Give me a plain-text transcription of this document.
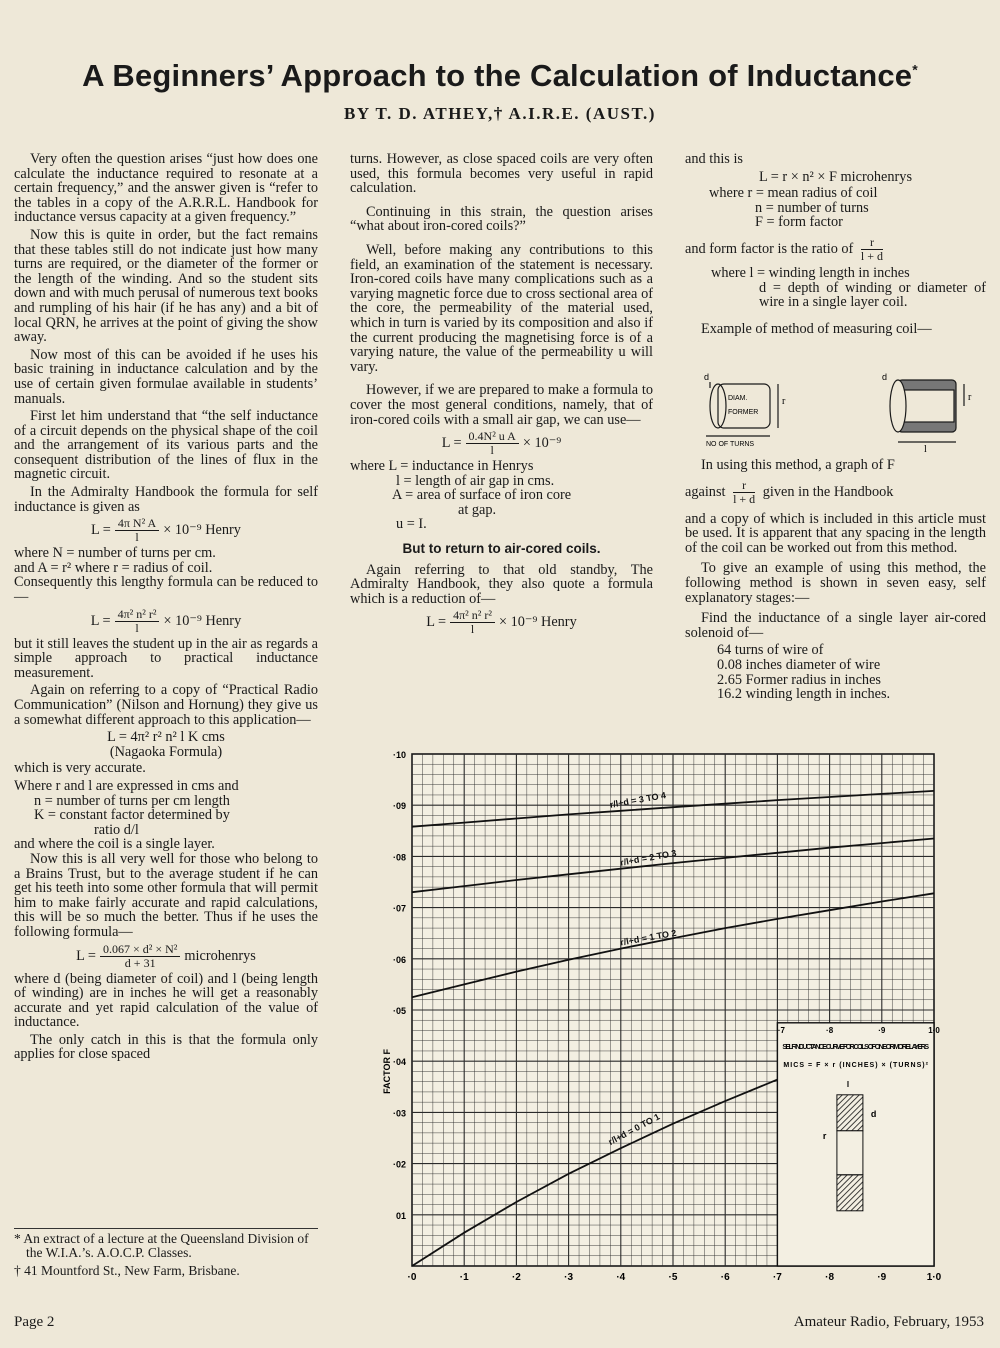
A Beginners’ Approach to the Calculation of Inductance*
BY T. D. ATHEY,† A.I.R.E. (AUST.)

Very often the question arises “just how does one calculate the inductance required to resonate at a certain frequency,” and the answer given is “refer to the tables in a copy of the A.R.R.L. Handbook for inductance versus capacity at a given frequency.”

Now this is quite in order, but the fact remains that these tables still do not indicate just how many turns are required, or the diameter of the former or the length of the winding. And so the student sits down and with much perusal of numerous text books and rumpling of his hair (if he has any) and a bit of local QRN, he arrives at the point of giving the show away.

Now most of this can be avoided if he uses his basic training in inductance calculation and by the use of certain given formulae available in students’ manuals.

First let him understand that “the self inductance of a circuit depends on the physical shape of the coil and the arrangement of its various parts and the consequent distribution of the lines of flux in the magnetic circuit.

In the Admiralty Handbook the formula for self inductance is given as

$L = \frac{\text{4π N² A}}{l} \times 10^{-9}$ Henry
where N = number of turns per cm.
and A = r² where r = radius of coil.

Consequently this lengthy formula can be reduced to—

$L = \frac{\text{4π² n² r²}}{l} \times 10^{-9}$ Henry

but it still leaves the student up in the air as regards a simple approach to practical inductance measurement.

Again on referring to a copy of “Practical Radio Communication” (Nilson and Hornung) they give us a somewhat different approach to this application—

L = 4π² r² n² l K cms
(Nagaoka Formula)

which is very accurate.

Where r and l are expressed in cms and
n = number of turns per cm length
K = constant factor determined by
ratio d/l
and where the coil is a single layer.

Now this is all very well for those who belong to a Brains Trust, but to the average student if he can get his teeth into some other formula that will permit him to make fairly accurate and rapid calculations, this will be so much the better. Thus if he uses the following formula—

$L = \frac{\text{0.067 × d² × N²}}{d + 31}$ microhenrys

where d (being diameter of coil) and l (being length of winding) are in inches he will get a reasonably accurate and yet rapid calculation of the value of inductance.

The only catch in this is that the formula only applies for close spaced

* An extract of a lecture at the Queensland Division of the W.I.A.’s. A.O.C.P. Classes.
† 41 Mountford St., New Farm, Brisbane.

turns. However, as close spaced coils are very often used, this formula becomes very useful in rapid calculation.

Continuing in this strain, the question arises “what about iron-cored coils?”

Well, before making any contributions to this field, an examination of the statement is necessary. Iron-cored coils have many complications such as a varying magnetic force due to cross sectional area of the core, the permeability of the material used, which in turn is varied by its composition and also if the current producing the magnetising force is of a varying nature, the value of the permeability u will vary.

However, if we are prepared to make a formula to cover the most general conditions, namely, that of iron-cored coils with a small air gap, we can use—

$L = \frac{\text{0.4N² u A}}{l} \times 10^{-9}$
where L = inductance in Henrys
l = length of air gap in cms.
A = area of surface of iron core
at gap.
u = I.

But to return to air-cored coils.

Again referring to that old standby, The Admiralty Handbook, they also quote a formula which is a reduction of—

$L = \frac{\text{4π² n² r²}}{l} \times 10^{-9}$ Henry

and this is

L = r × n² × F microhenrys
where r = mean radius of coil
n = number of turns
F = form factor

and form factor is the ratio of $\frac{r}{l + d}$

where l = winding length in inches
d = depth of winding or diameter of wire in a single layer coil.

Example of method of measuring coil—

d
DIAM.
FORMER
NO OF TURNS
r
d
r
l

In using this method, a graph of F

against $\frac{r}{l + d}$ given in the Handbook

and a copy of which is included in this article must be used. It is apparent that any spacing in the length of the coil can be worked out from this method.

To give an example of using this method, the following method is shown in seven easy, self explanatory stages:—

Find the inductance of a single layer air-cored solenoid of—

64 turns of wire of
0.08 inches diameter of wire
2.65 Former radius in inches
16.2 winding length in inches.
r/l+d = 0 TO 1
r/l+d = 1 TO 2
r/l+d = 2 TO 3
r/l+d = 3 TO 4
·0	·1	·2	·3	·4	·5	·6	·7	·8	·9	1·0
01
·02
·03
·04
·05
·06
·07
·08
·09
·10
FACTOR F
·7	·8	·9	1·0
SELF-INDUCTANCE CURVE FOR COILS OF ONE OR MORE LAYERS
MICS = F × r (INCHES) × (TURNS)²
l
d
r
Page 2	Amateur Radio, February, 1953
